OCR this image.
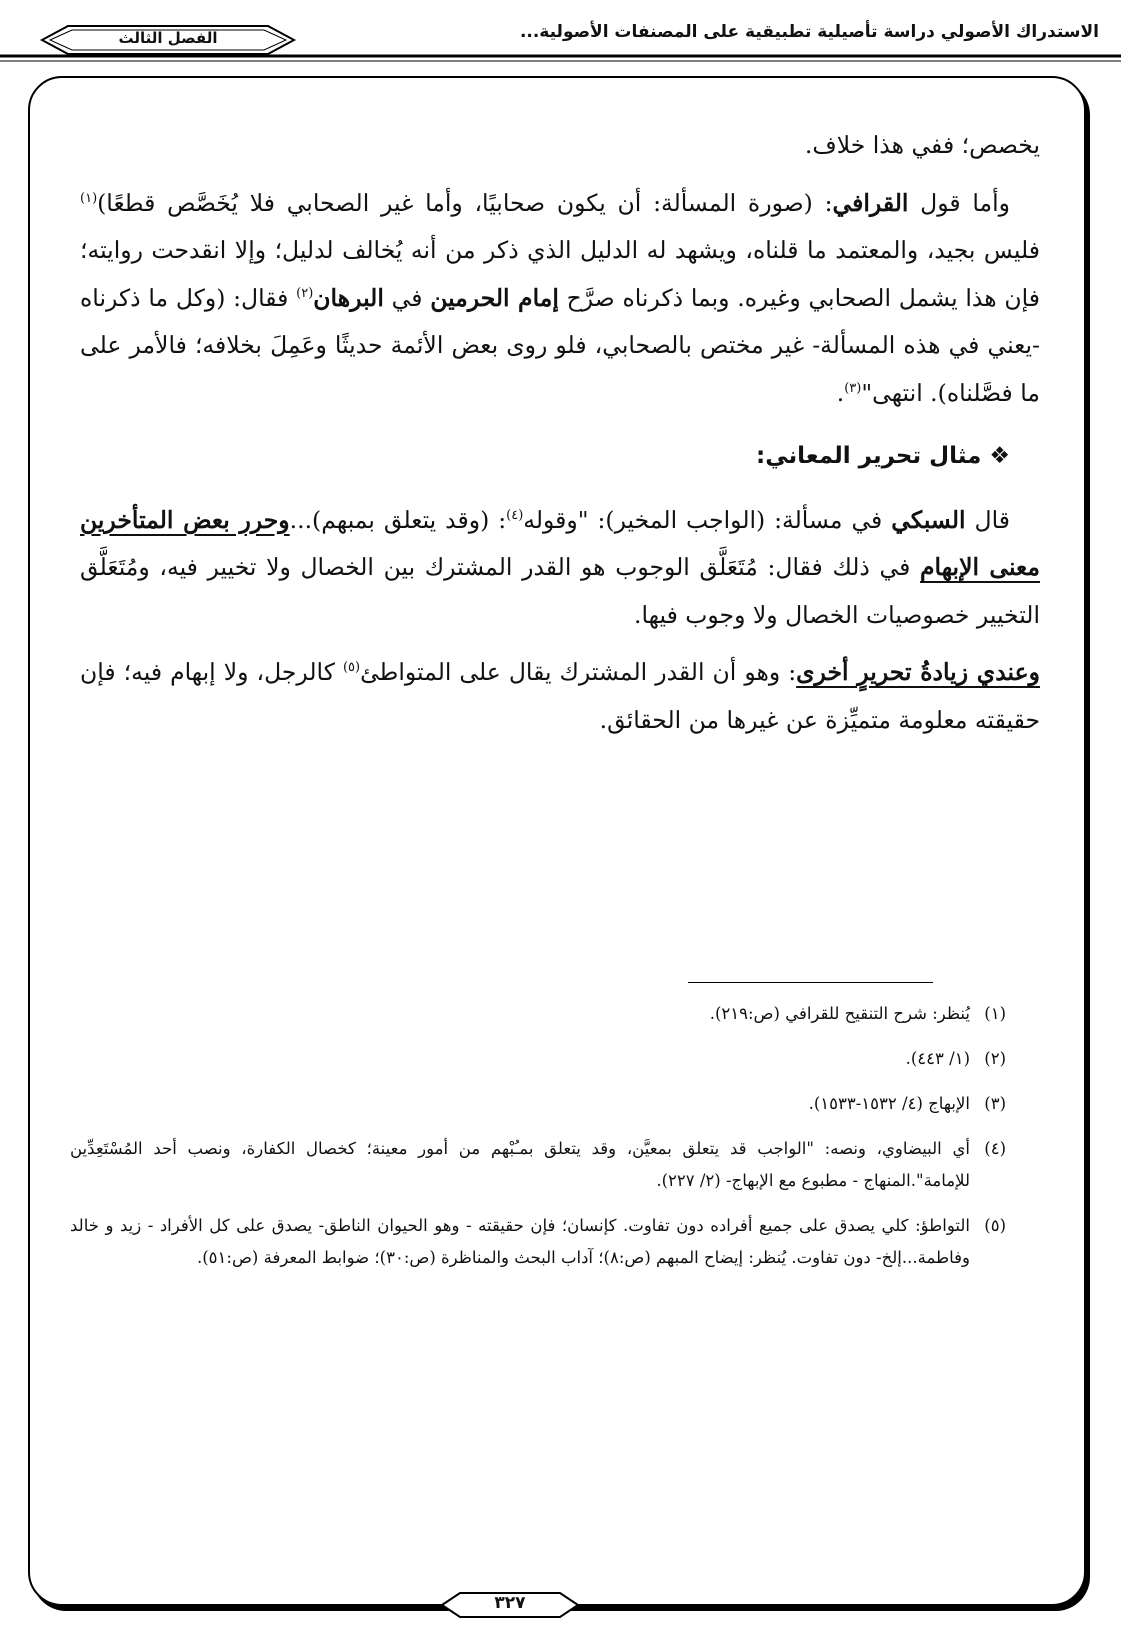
الاستدراك الأصولي دراسة تأصيلية تطبيقية على المصنفات الأصولية...
الفصل الثالث

يخصص؛ ففي هذا خلاف.

وأما قول القرافي: (صورة المسألة: أن يكون صحابيًا، وأما غير الصحابي فلا يُخَصَّص قطعًا)$^{(١)}$ فليس بجيد، والمعتمد ما قلناه، ويشهد له الدليل الذي ذكر من أنه يُخالف لدليل؛ وإلا انقدحت روايته؛ فإن هذا يشمل الصحابي وغيره. وبما ذكرناه صرَّح إمام الحرمين في البرهان$^{(٢)}$ فقال: (وكل ما ذكرناه -يعني في هذه المسألة- غير مختص بالصحابي، فلو روى بعض الأئمة حديثًا وعَمِلَ بخلافه؛ فالأمر على ما فصَّلناه). انتهى"$^{(٣)}$.

❖ مثال تحرير المعاني:

قال السبكي في مسألة: (الواجب المخير): "وقوله$^{(٤)}$: (وقد يتعلق بمبهم)...وحرر بعض المتأخرين معنى الإبهام في ذلك فقال: مُتَعَلَّق الوجوب هو القدر المشترك بين الخصال ولا تخيير فيه، ومُتَعَلَّق التخيير خصوصيات الخصال ولا وجوب فيها.

وعندي زيادةُ تحريرٍ أخرى: وهو أن القدر المشترك يقال على المتواطئ$^{(٥)}$ كالرجل، ولا إبهام فيه؛ فإن حقيقته معلومة متميِّزة عن غيرها من الحقائق.

(١)
يُنظر: شرح التنقيح للقرافي (ص:٢١٩).
(٢)
(١/ ٤٤٣).
(٣)
الإبهاج (٤/ ١٥٣٢-١٥٣٣).
(٤)
أي البيضاوي، ونصه: "الواجب قد يتعلق بمعيَّن، وقد يتعلق بمـُبْهم من أمور معينة؛ كخصال الكفارة، ونصب أحد المُسْتَعِدِّين للإمامة".المنهاج - مطبوع مع الإبهاج- (٢/ ٢٢٧).
(٥)
التواطؤ: كلي يصدق على جميع أفراده دون تفاوت. كإنسان؛ فإن حقيقته - وهو الحيوان الناطق- يصدق على كل الأفراد - زيد و خالد وفاطمة...إلخ- دون تفاوت. يُنظر: إيضاح المبهم (ص:٨)؛ آداب البحث والمناظرة (ص:٣٠)؛ ضوابط المعرفة (ص:٥١).
٣٢٧
